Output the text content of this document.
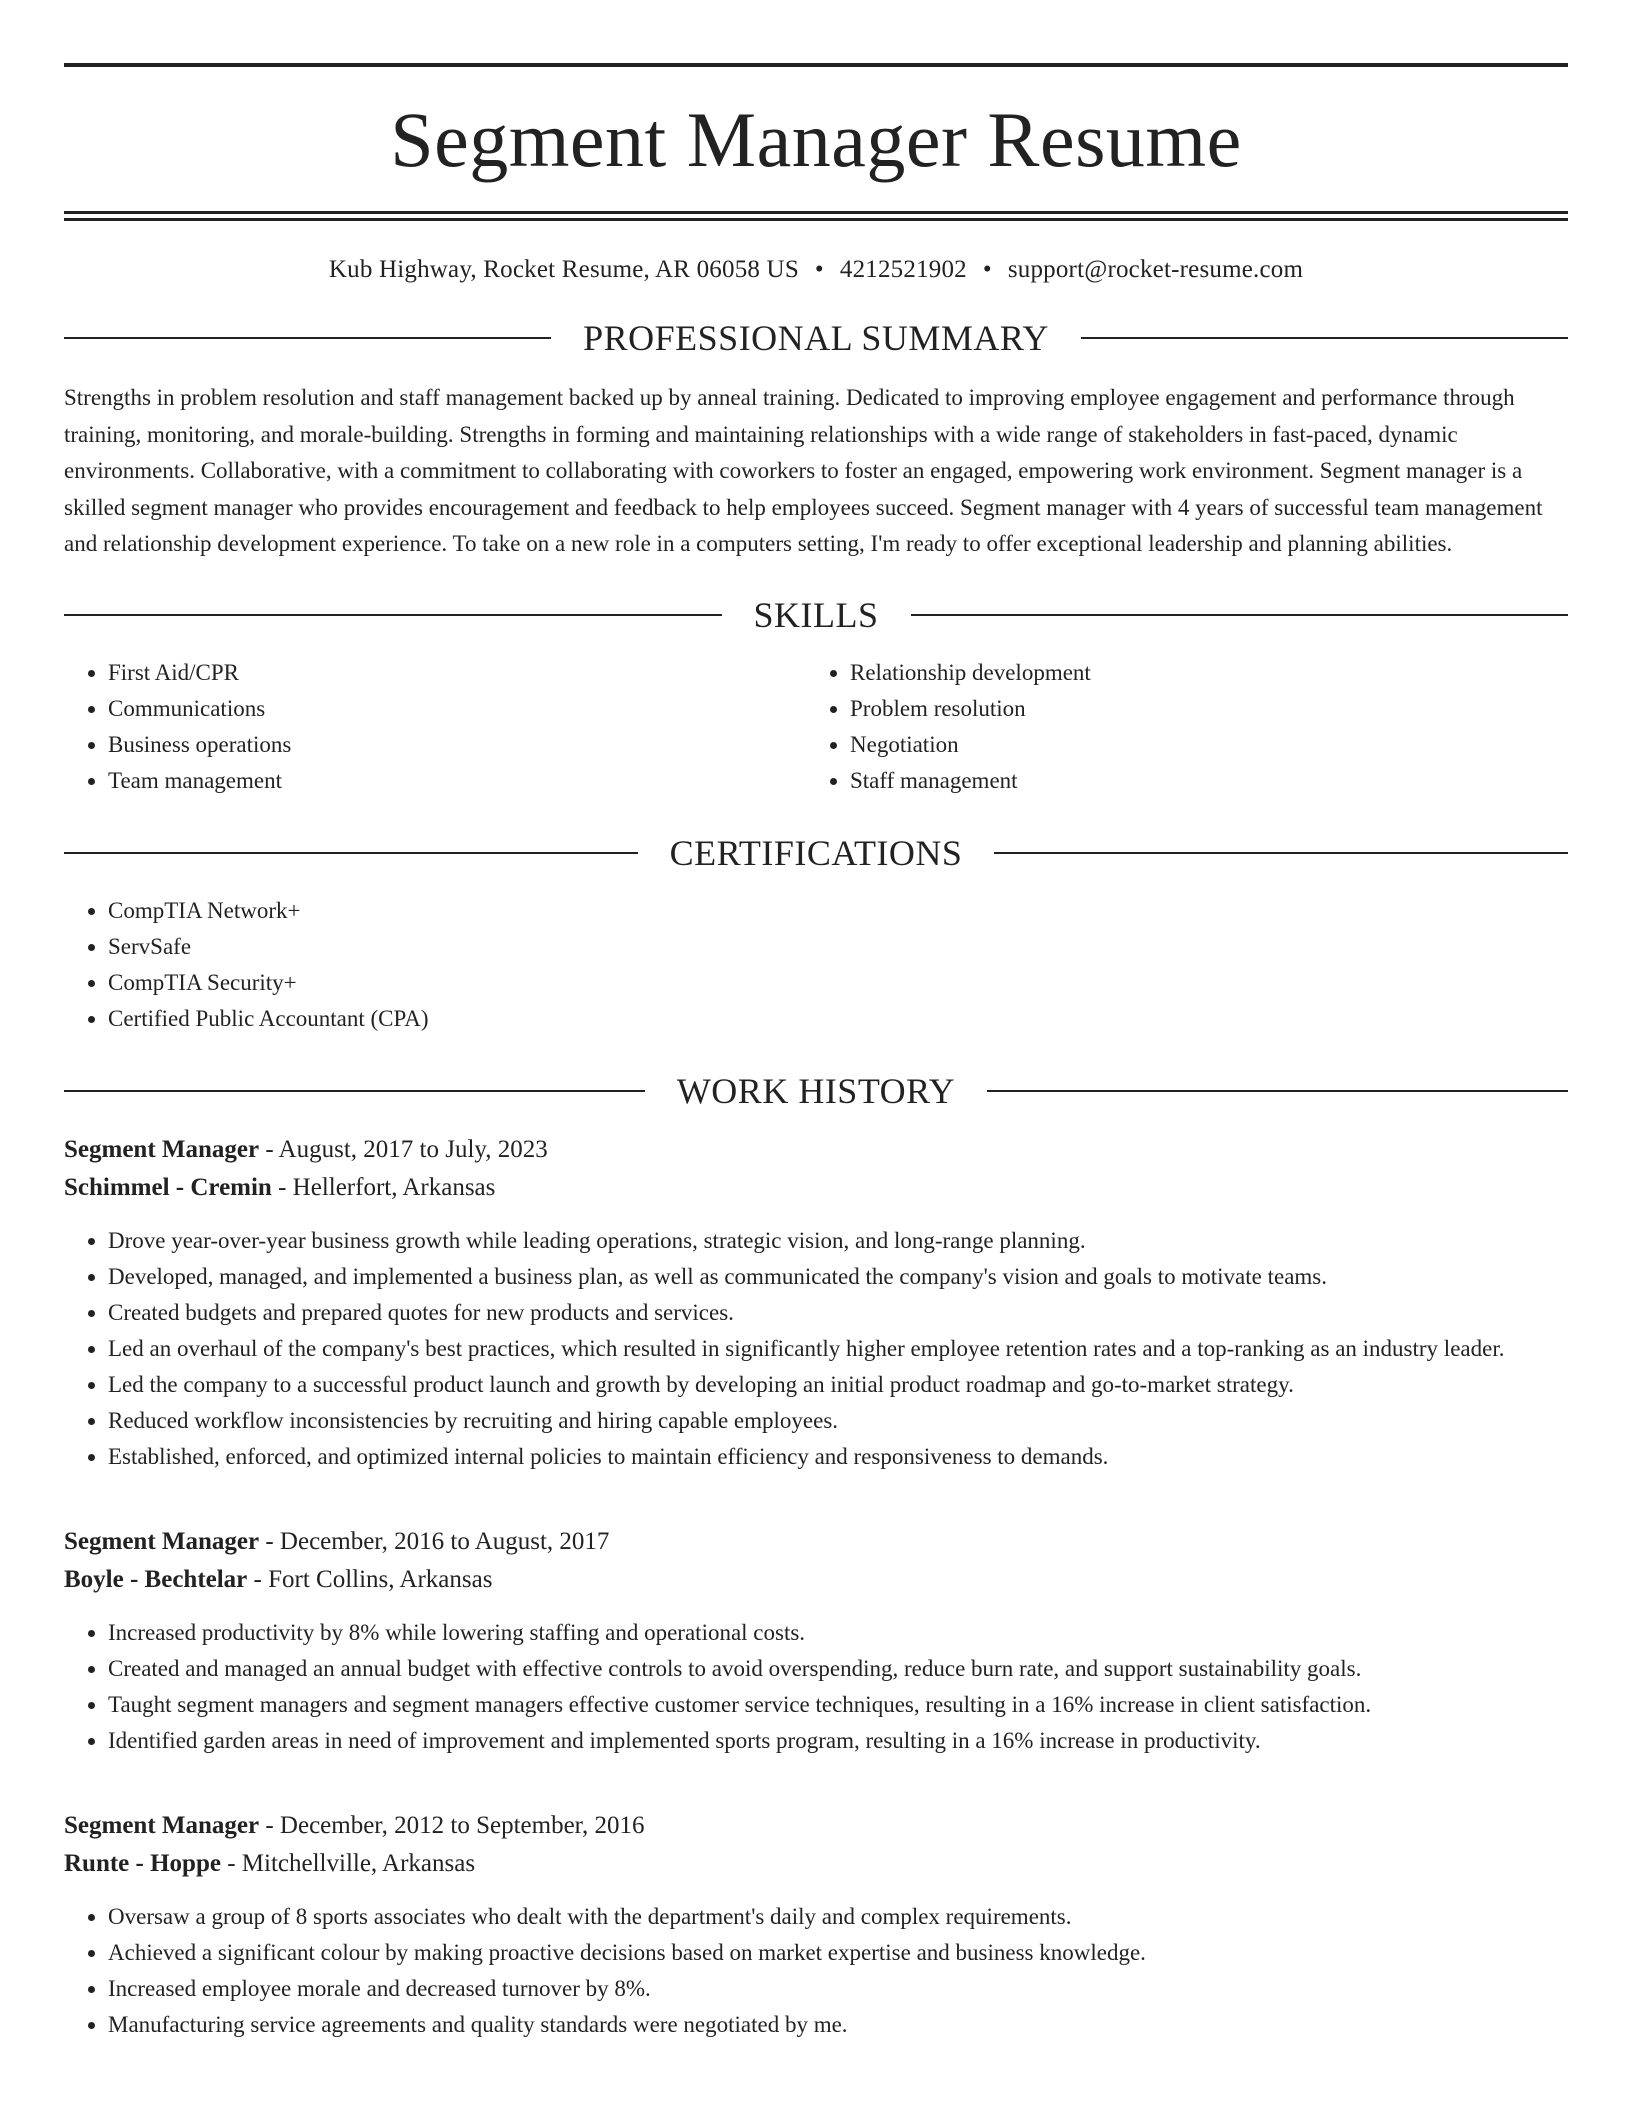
Segment Manager Resume
Kub Highway, Rocket Resume, AR 06058 US • 4212521902 • support@rocket-resume.com
PROFESSIONAL SUMMARY
Strengths in problem resolution and staff management backed up by anneal training. Dedicated to improving employee engagement and performance through training, monitoring, and morale-building. Strengths in forming and maintaining relationships with a wide range of stakeholders in fast-paced, dynamic environments. Collaborative, with a commitment to collaborating with coworkers to foster an engaged, empowering work environment. Segment manager is a skilled segment manager who provides encouragement and feedback to help employees succeed. Segment manager with 4 years of successful team management and relationship development experience. To take on a new role in a computers setting, I'm ready to offer exceptional leadership and planning abilities.
SKILLS
• First Aid/CPR
• Communications
• Business operations
• Team management
• Relationship development
• Problem resolution
• Negotiation
• Staff management
CERTIFICATIONS
• CompTIA Network+
• ServSafe
• CompTIA Security+
• Certified Public Accountant (CPA)
WORK HISTORY
Segment Manager - August, 2017 to July, 2023
Schimmel - Cremin - Hellerfort, Arkansas
• Drove year-over-year business growth while leading operations, strategic vision, and long-range planning.
• Developed, managed, and implemented a business plan, as well as communicated the company's vision and goals to motivate teams.
• Created budgets and prepared quotes for new products and services.
• Led an overhaul of the company's best practices, which resulted in significantly higher employee retention rates and a top-ranking as an industry leader.
• Led the company to a successful product launch and growth by developing an initial product roadmap and go-to-market strategy.
• Reduced workflow inconsistencies by recruiting and hiring capable employees.
• Established, enforced, and optimized internal policies to maintain efficiency and responsiveness to demands.
Segment Manager - December, 2016 to August, 2017
Boyle - Bechtelar - Fort Collins, Arkansas
• Increased productivity by 8% while lowering staffing and operational costs.
• Created and managed an annual budget with effective controls to avoid overspending, reduce burn rate, and support sustainability goals.
• Taught segment managers and segment managers effective customer service techniques, resulting in a 16% increase in client satisfaction.
• Identified garden areas in need of improvement and implemented sports program, resulting in a 16% increase in productivity.
Segment Manager - December, 2012 to September, 2016
Runte - Hoppe - Mitchellville, Arkansas
• Oversaw a group of 8 sports associates who dealt with the department's daily and complex requirements.
• Achieved a significant colour by making proactive decisions based on market expertise and business knowledge.
• Increased employee morale and decreased turnover by 8%.
• Manufacturing service agreements and quality standards were negotiated by me.
